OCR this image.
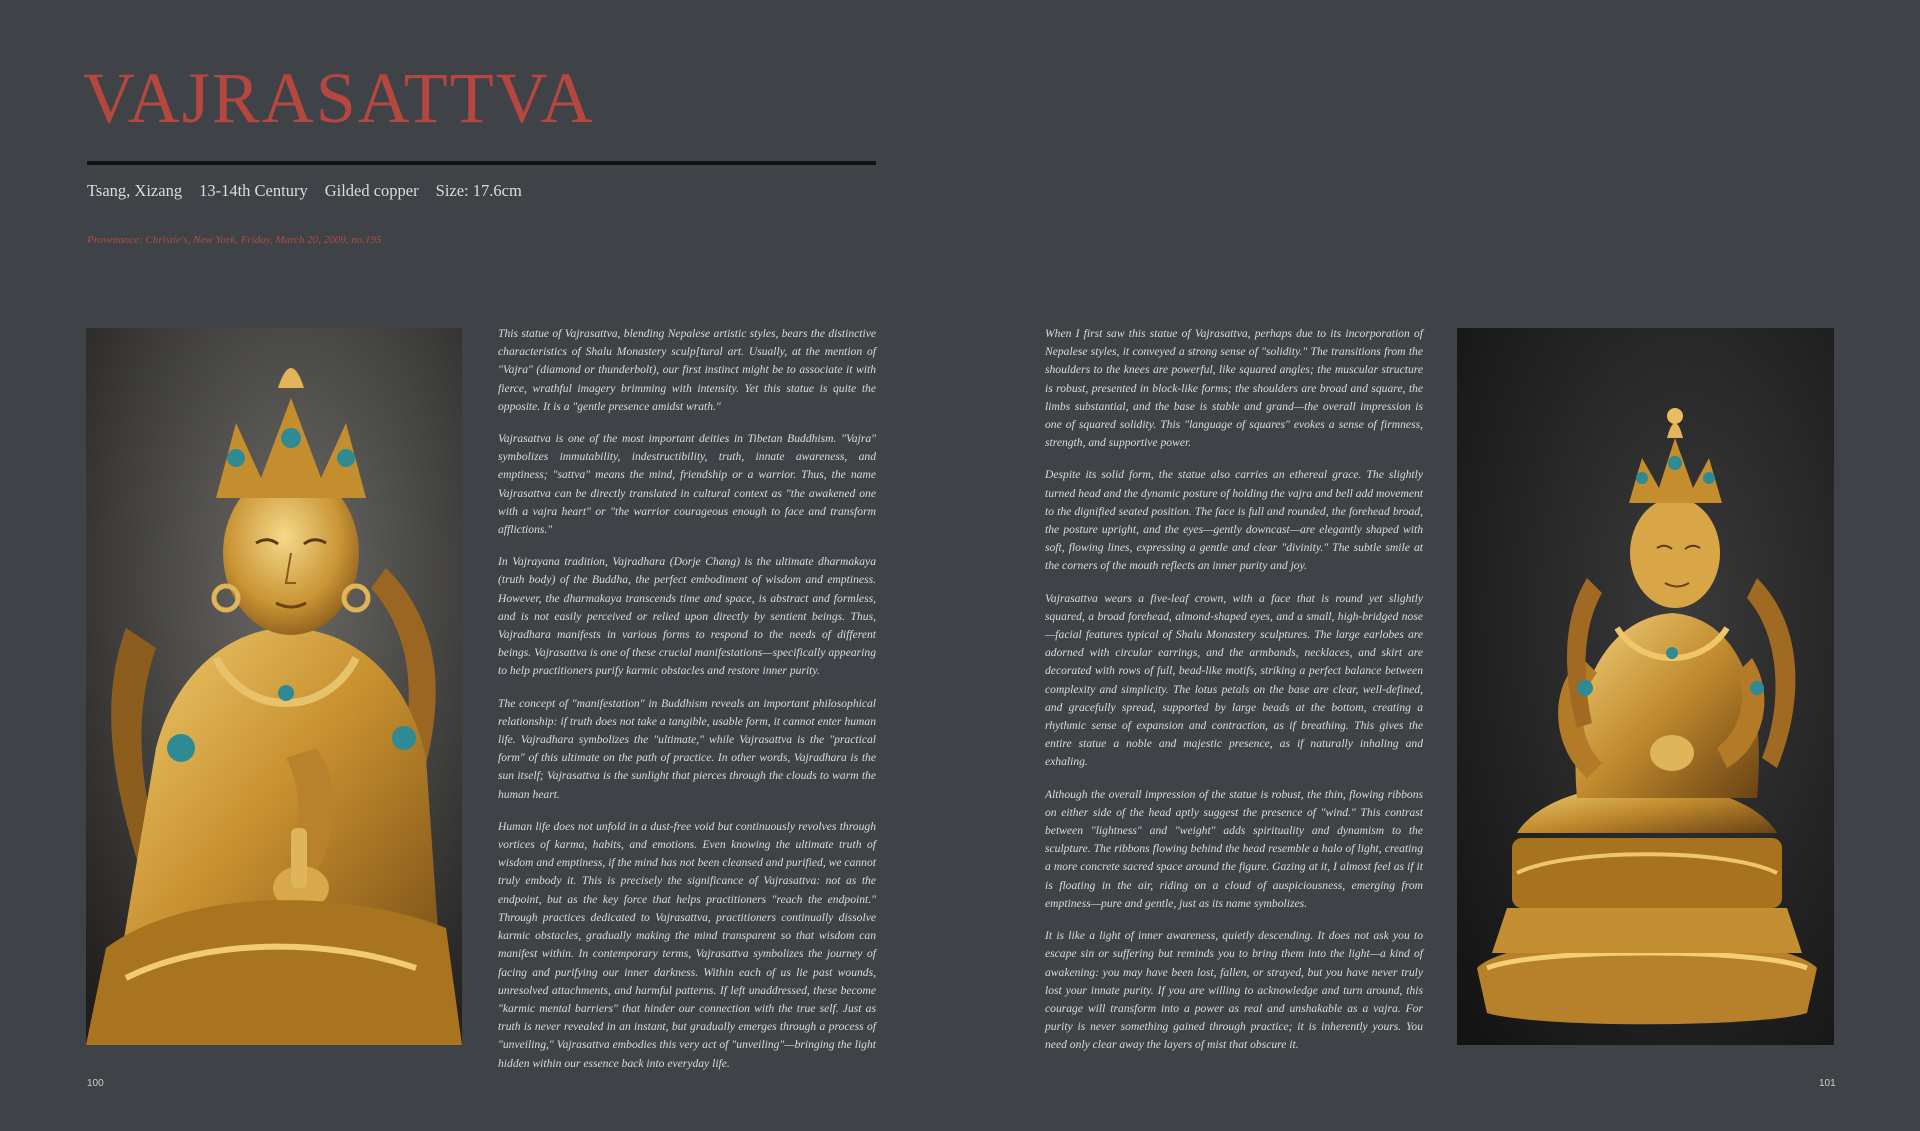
VAJRASATTVA
Tsang, Xizang 13-14th Century Gilded copper Size: 17.6cm
Provenance: Christie's, New York, Friday, March 20, 2009, no.195

This statue of Vajrasattva, blending Nepalese artistic styles, bears the distinctive characteristics of Shalu Monastery sculp[tural art. Usually, at the mention of "Vajra" (diamond or thunderbolt), our first instinct might be to associate it with fierce, wrathful imagery brimming with intensity. Yet this statue is quite the opposite. It is a "gentle presence amidst wrath."

Vajrasattva is one of the most important deities in Tibetan Buddhism. "Vajra" symbolizes immutability, indestructibility, truth, innate awareness, and emptiness; "sattva" means the mind, friendship or a warrior. Thus, the name Vajrasattva can be directly translated in cultural context as "the awakened one with a vajra heart" or "the warrior courageous enough to face and transform afflictions."

In Vajrayana tradition, Vajradhara (Dorje Chang) is the ultimate dharmakaya (truth body) of the Buddha, the perfect embodiment of wisdom and emptiness. However, the dharmakaya transcends time and space, is abstract and formless, and is not easily perceived or relied upon directly by sentient beings. Thus, Vajradhara manifests in various forms to respond to the needs of different beings. Vajrasattva is one of these crucial manifestations—specifically appearing to help practitioners purify karmic obstacles and restore inner purity.

The concept of "manifestation" in Buddhism reveals an important philosophical relationship: if truth does not take a tangible, usable form, it cannot enter human life. Vajradhara symbolizes the "ultimate," while Vajrasattva is the "practical form" of this ultimate on the path of practice. In other words, Vajradhara is the sun itself; Vajrasattva is the sunlight that pierces through the clouds to warm the human heart.

Human life does not unfold in a dust-free void but continuously revolves through vortices of karma, habits, and emotions. Even knowing the ultimate truth of wisdom and emptiness, if the mind has not been cleansed and purified, we cannot truly embody it. This is precisely the significance of Vajrasattva: not as the endpoint, but as the key force that helps practitioners "reach the endpoint." Through practices dedicated to Vajrasattva, practitioners continually dissolve karmic obstacles, gradually making the mind transparent so that wisdom can manifest within. In contemporary terms, Vajrasattva symbolizes the journey of facing and purifying our inner darkness. Within each of us lie past wounds, unresolved attachments, and harmful patterns. If left unaddressed, these become "karmic mental barriers" that hinder our connection with the true self. Just as truth is never revealed in an instant, but gradually emerges through a process of "unveiling," Vajrasattva embodies this very act of "unveiling"—bringing the light hidden within our essence back into everyday life.

When I first saw this statue of Vajrasattva, perhaps due to its incorporation of Nepalese styles, it conveyed a strong sense of "solidity." The transitions from the shoulders to the knees are powerful, like squared angles; the muscular structure is robust, presented in block-like forms; the shoulders are broad and square, the limbs substantial, and the base is stable and grand—the overall impression is one of squared solidity. This "language of squares" evokes a sense of firmness, strength, and supportive power.

Despite its solid form, the statue also carries an ethereal grace. The slightly turned head and the dynamic posture of holding the vajra and bell add movement to the dignified seated position. The face is full and rounded, the forehead broad, the posture upright, and the eyes—gently downcast—are elegantly shaped with soft, flowing lines, expressing a gentle and clear "divinity." The subtle smile at the corners of the mouth reflects an inner purity and joy.

Vajrasattva wears a five-leaf crown, with a face that is round yet slightly squared, a broad forehead, almond-shaped eyes, and a small, high-bridged nose—facial features typical of Shalu Monastery sculptures. The large earlobes are adorned with circular earrings, and the armbands, necklaces, and skirt are decorated with rows of full, bead-like motifs, striking a perfect balance between complexity and simplicity. The lotus petals on the base are clear, well-defined, and gracefully spread, supported by large beads at the bottom, creating a rhythmic sense of expansion and contraction, as if breathing. This gives the entire statue a noble and majestic presence, as if naturally inhaling and exhaling.

Although the overall impression of the statue is robust, the thin, flowing ribbons on either side of the head aptly suggest the presence of "wind." This contrast between "lightness" and "weight" adds spirituality and dynamism to the sculpture. The ribbons flowing behind the head resemble a halo of light, creating a more concrete sacred space around the figure. Gazing at it, I almost feel as if it is floating in the air, riding on a cloud of auspiciousness, emerging from emptiness—pure and gentle, just as its name symbolizes.

It is like a light of inner awareness, quietly descending. It does not ask you to escape sin or suffering but reminds you to bring them into the light—a kind of awakening: you may have been lost, fallen, or strayed, but you have never truly lost your innate purity. If you are willing to acknowledge and turn around, this courage will transform into a power as real and unshakable as a vajra. For purity is never something gained through practice; it is inherently yours. You need only clear away the layers of mist that obscure it.

100	101
